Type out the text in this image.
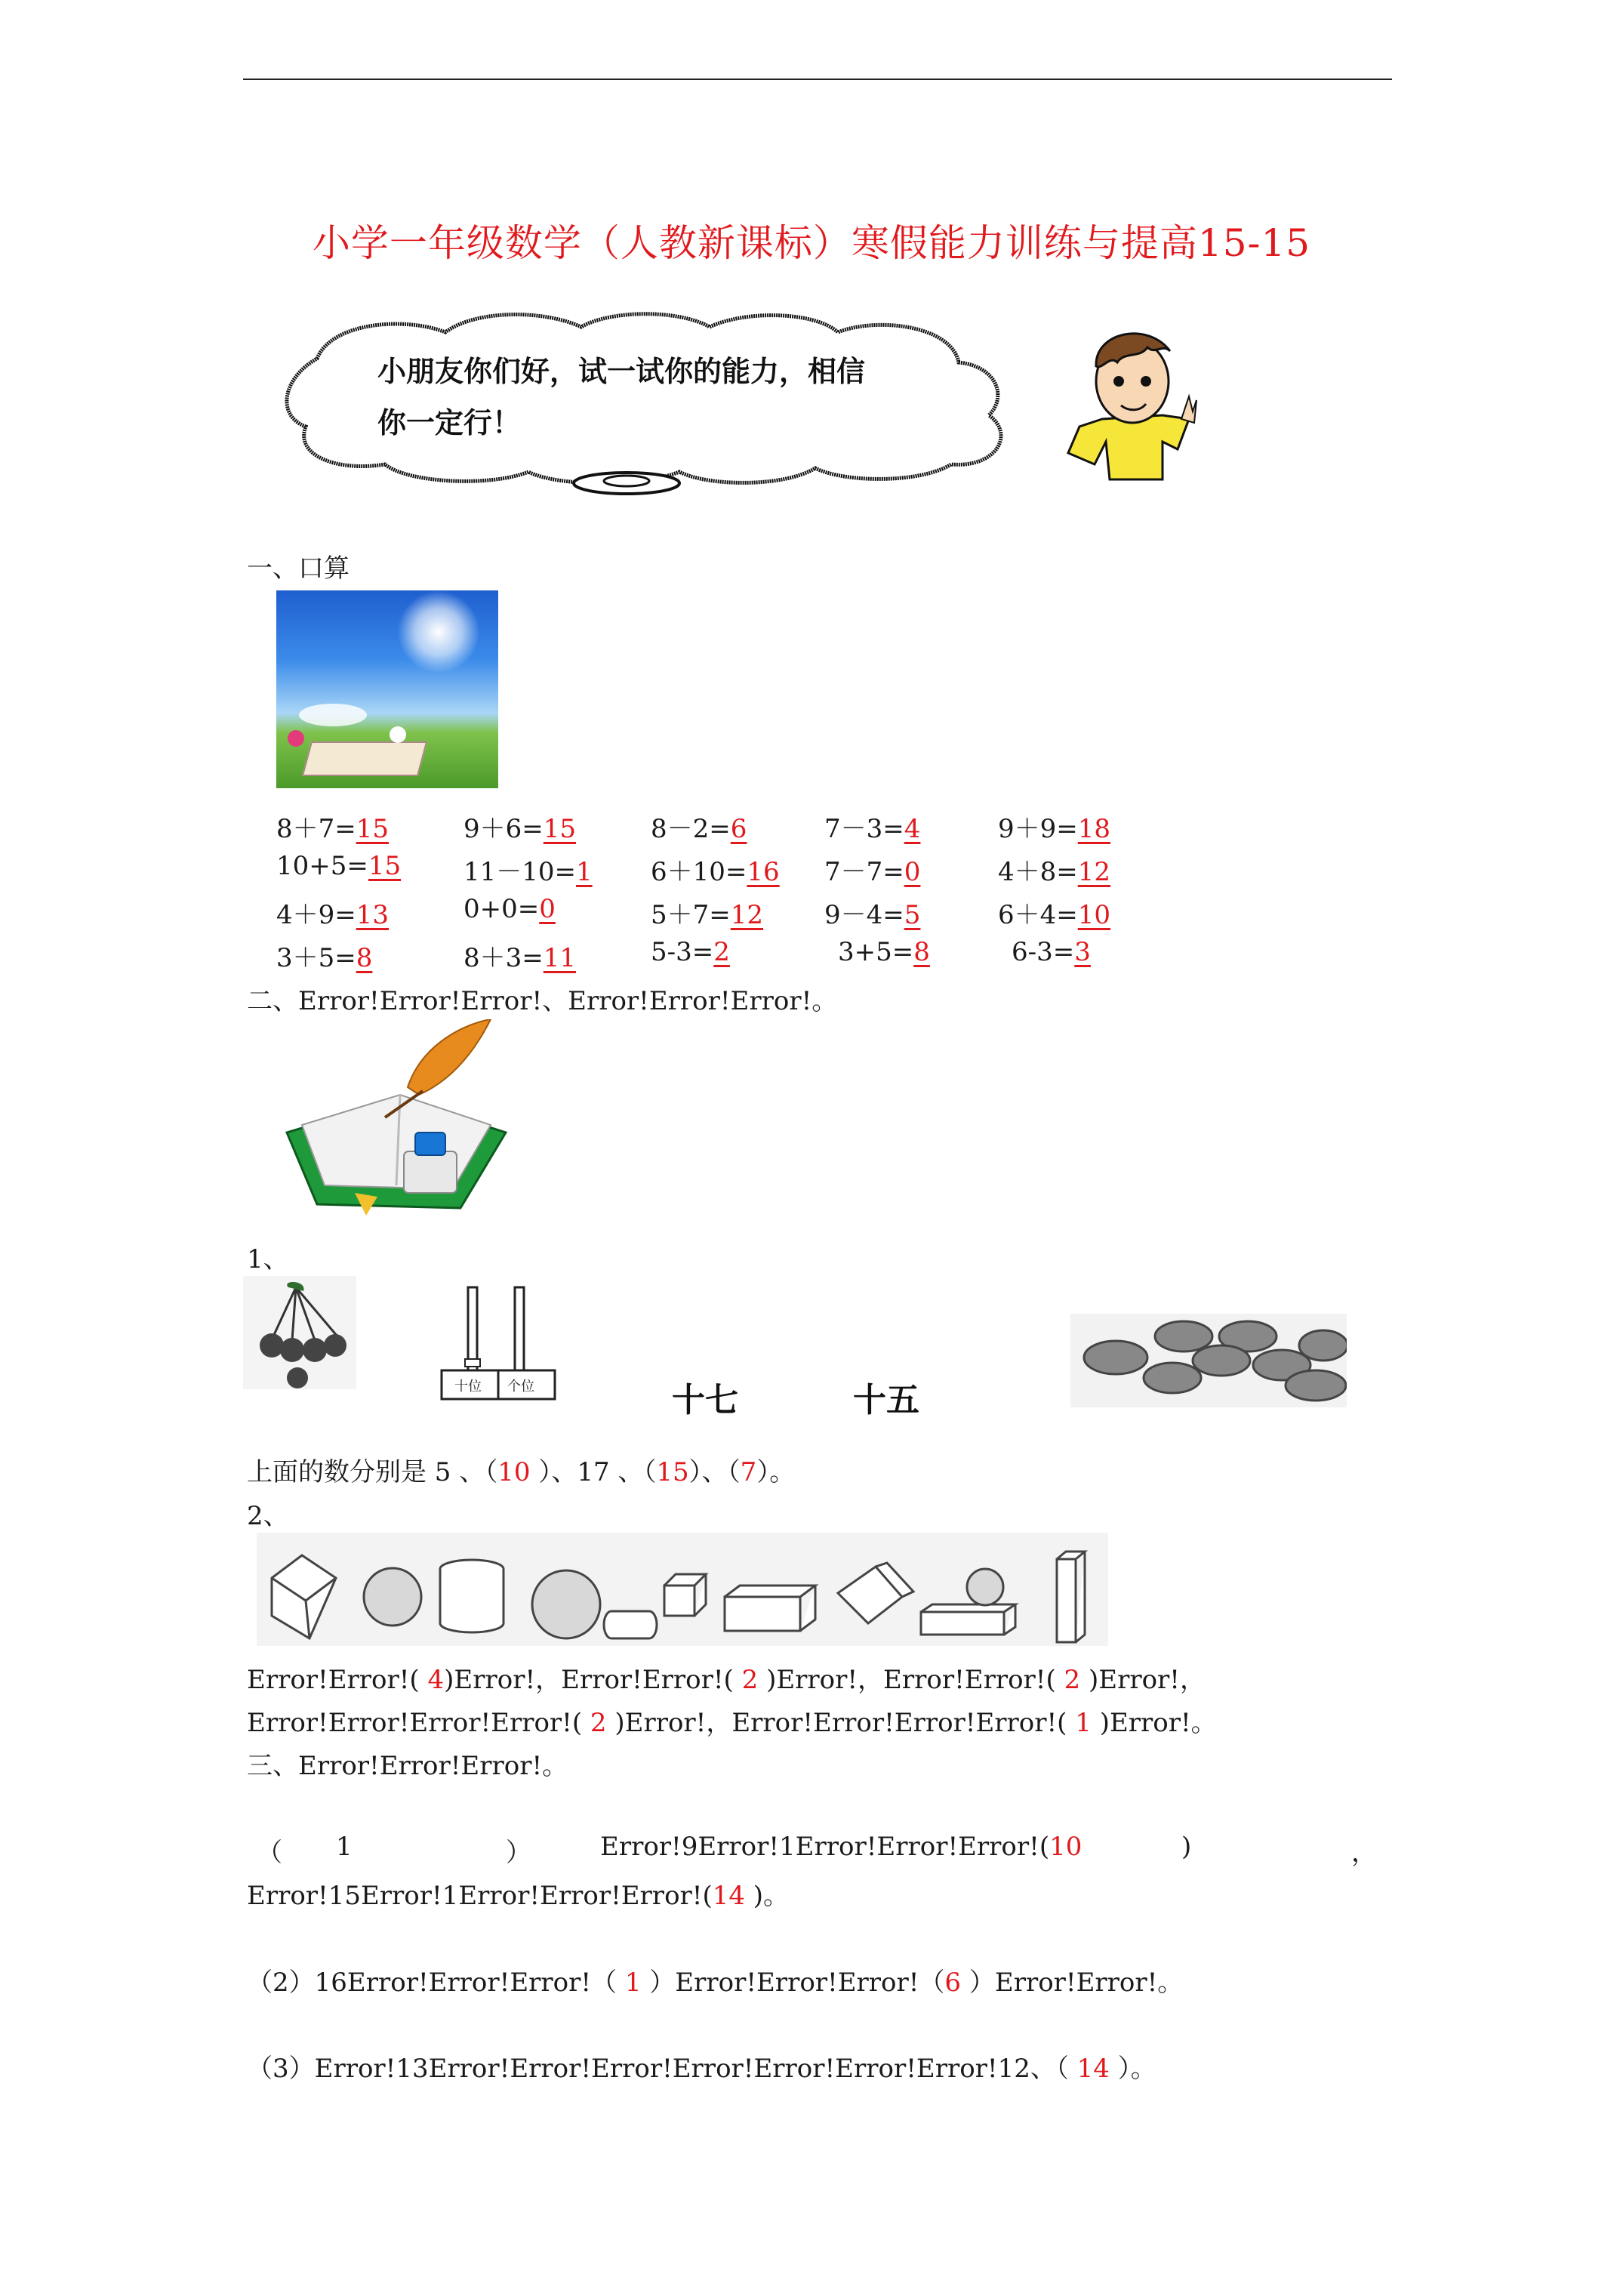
小学一年级数学（人教新课标）寒假能力训练与提高15-15
小朋友你们好，试一试你的能力，相信
你一定行！
一、口算
8＋7=15	9＋6=15	8－2=6	7－3=4	9＋9=18
10+5=15 11－10=1 6＋10=16 7－7=0	4＋8=12
4＋9=13	0+0=0	5＋7=12 9－4=5	6＋4=10
3＋5=8	8＋3=11	5-3=2	3+5=8	6-3=3
二、Error!Error!Error!、Error!Error!Error!。
1、
十位 个位	十七	十五
上面的数分别是 5 、（10 ）、17 、（15）、（7）。
2、
Error!Error!( 4)Error!，Error!Error!( 2 )Error!，Error!Error!( 2 )Error!，
Error!Error!Error!Error!( 2 )Error!，Error!Error!Error!Error!( 1 )Error!。
三、Error!Error!Error!。
（ 1	）	Error!9Error!1Error!Error!Error!(10	)	，
Error!15Error!1Error!Error!Error!(14 )。
（2）16Error!Error!Error!（ 1 ）Error!Error!Error!（6 ）Error!Error!。
（3）Error!13Error!Error!Error!Error!Error!Error!Error!12、（ 14 ）。
